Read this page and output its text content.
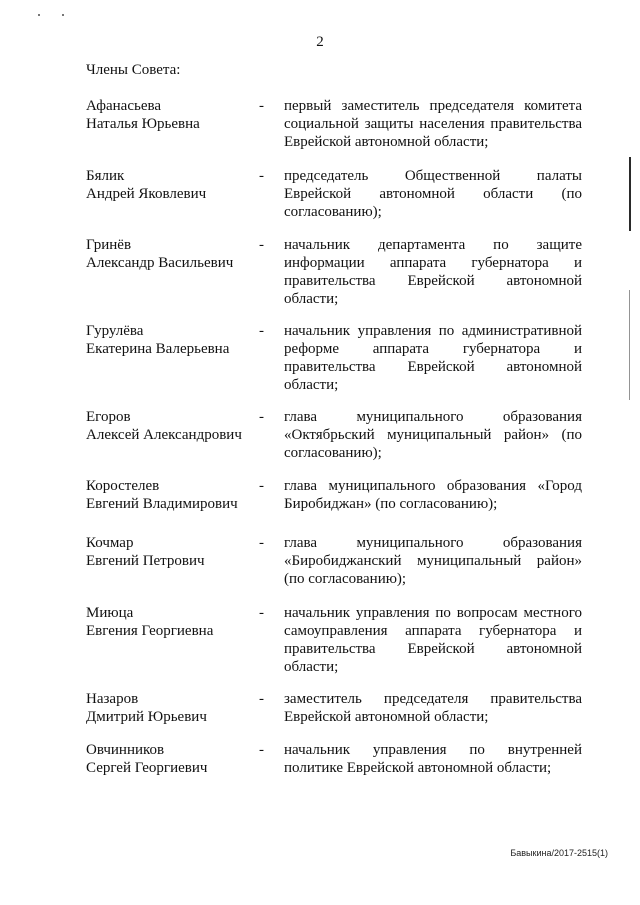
2
Члены Совета:
Афанасьева
Наталья Юрьевна
- первый заместитель председателя комитета социальной защиты населения правительства Еврейской автономной области;
Бялик
Андрей Яковлевич
- председатель Общественной палаты Еврейской автономной области (по согласованию);
Гринёв
Александр Васильевич
- начальник департамента по защите информации аппарата губернатора и правительства Еврейской автономной области;
Гурулёва
Екатерина Валерьевна
- начальник управления по административной реформе аппарата губернатора и правительства Еврейской автономной области;
Егоров
Алексей Александрович
- глава муниципального образования «Октябрьский муниципальный район» (по согласованию);
Коростелев
Евгений Владимирович
- глава муниципального образования «Город Биробиджан» (по согласованию);
Кочмар
Евгений Петрович
- глава муниципального образования «Биробиджанский муниципальный район» (по согласованию);
Миюца
Евгения Георгиевна
- начальник управления по вопросам местного самоуправления аппарата губернатора и правительства Еврейской автономной области;
Назаров
Дмитрий Юрьевич
- заместитель председателя правительства Еврейской автономной области;
Овчинников
Сергей Георгиевич
- начальник управления по внутренней политике Еврейской автономной области;
Бавыкина/2017-2515(1)
